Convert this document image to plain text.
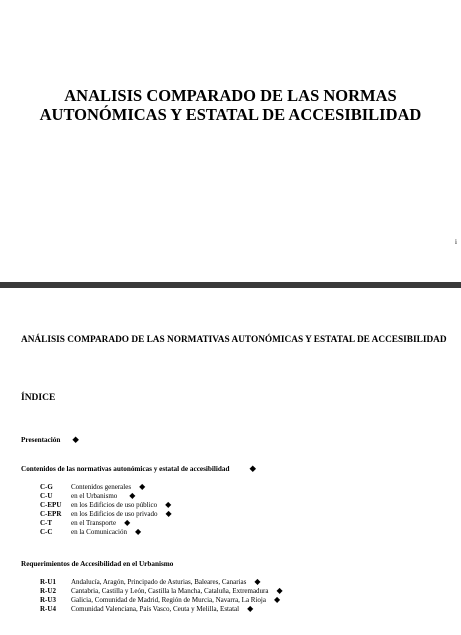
ANALISIS COMPARADO DE LAS NORMAS
AUTONÓMICAS Y ESTATAL DE ACCESIBILIDAD
i
ANÁLISIS COMPARADO DE LAS NORMATIVAS AUTONÓMICAS Y ESTATAL DE ACCESIBILIDAD
ÍNDICE
Presentación ◆
Contenidos de las normativas autonómicas y estatal de accesibilidad ◆
C-G	Contenidos generales ◆
C-U	en el Urbanismo ◆
C-EPU en los Edificios de uso público ◆
C-EPR en los Edificios de uso privado ◆
C-T	en el Transporte ◆
C-C	en la Comunicación ◆
Requerimientos de Accesibilidad en el Urbanismo
R-U1 Andalucía, Aragón, Principado de Asturias, Baleares, Canarias ◆
R-U2 Cantabria, Castilla y León, Castilla la Mancha, Cataluña, Extremadura ◆
R-U3 Galicia, Comunidad de Madrid, Región de Murcia, Navarra, La Rioja ◆
R-U4 Comunidad Valenciana, País Vasco, Ceuta y Melilla, Estatal ◆
